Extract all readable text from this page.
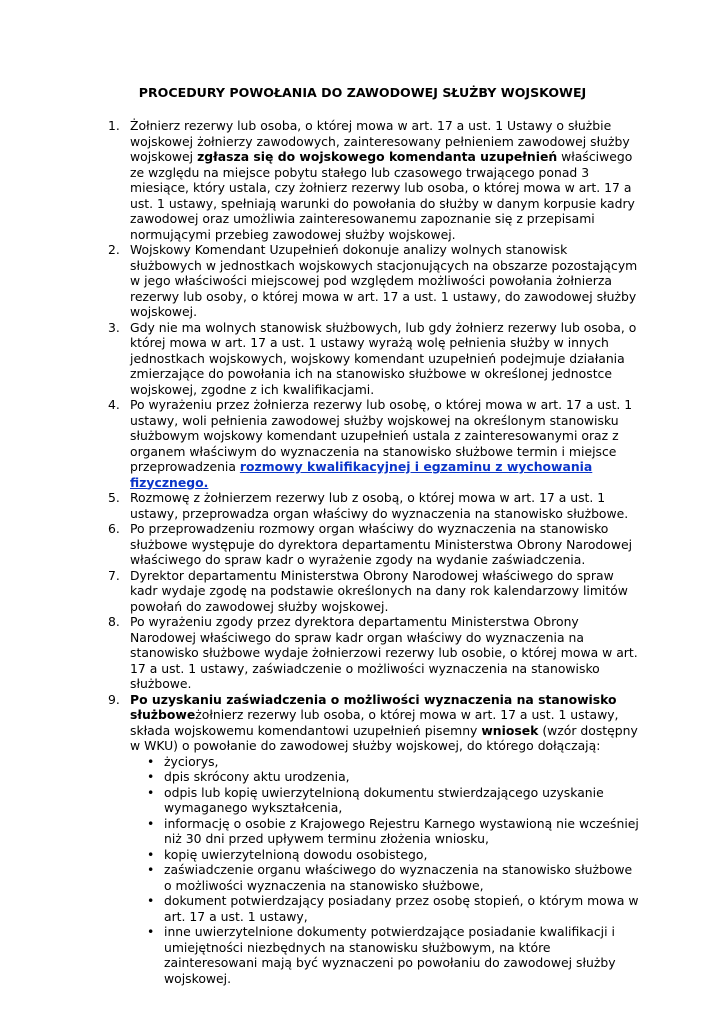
PROCEDURY POWOŁANIA DO ZAWODOWEJ SŁUŻBY WOJSKOWEJ
1. Żołnierz rezerwy lub osoba, o której mowa w art. 17 a ust. 1 Ustawy o służbie wojskowej żołnierzy zawodowych, zainteresowany pełnieniem zawodowej służby wojskowej zgłasza się do wojskowego komendanta uzupełnień właściwego ze względu na miejsce pobytu stałego lub czasowego trwającego ponad 3 miesiące, który ustala, czy żołnierz rezerwy lub osoba, o której mowa w art. 17 a ust. 1 ustawy, spełniają warunki do powołania do służby w danym korpusie kadry zawodowej oraz umożliwia zainteresowanemu zapoznanie się z przepisami normującymi przebieg zawodowej służby wojskowej.
2. Wojskowy Komendant Uzupełnień dokonuje analizy wolnych stanowisk służbowych w jednostkach wojskowych stacjonujących na obszarze pozostającym w jego właściwości miejscowej pod względem możliwości powołania żołnierza rezerwy lub osoby, o której mowa w art. 17 a ust. 1 ustawy, do zawodowej służby wojskowej.
3. Gdy nie ma wolnych stanowisk służbowych, lub gdy żołnierz rezerwy lub osoba, o której mowa w art. 17 a ust. 1 ustawy wyrażą wolę pełnienia służby w innych jednostkach wojskowych, wojskowy komendant uzupełnień podejmuje działania zmierzające do powołania ich na stanowisko służbowe w określonej jednostce wojskowej, zgodne z ich kwalifikacjami.
4. Po wyrażeniu przez żołnierza rezerwy lub osobę, o której mowa w art. 17 a ust. 1 ustawy, woli pełnienia zawodowej służby wojskowej na określonym stanowisku służbowym wojskowy komendant uzupełnień ustala z zainteresowanymi oraz z organem właściwym do wyznaczenia na stanowisko służbowe termin i miejsce przeprowadzenia rozmowy kwalifikacyjnej i egzaminu z wychowania fizycznego.
5. Rozmowę z żołnierzem rezerwy lub z osobą, o której mowa w art. 17 a ust. 1 ustawy, przeprowadza organ właściwy do wyznaczenia na stanowisko służbowe.
6. Po przeprowadzeniu rozmowy organ właściwy do wyznaczenia na stanowisko służbowe występuje do dyrektora departamentu Ministerstwa Obrony Narodowej właściwego do spraw kadr o wyrażenie zgody na wydanie zaświadczenia.
7. Dyrektor departamentu Ministerstwa Obrony Narodowej właściwego do spraw kadr wydaje zgodę na podstawie określonych na dany rok kalendarzowy limitów powołań do zawodowej służby wojskowej.
8. Po wyrażeniu zgody przez dyrektora departamentu Ministerstwa Obrony Narodowej właściwego do spraw kadr organ właściwy do wyznaczenia na stanowisko służbowe wydaje żołnierzowi rezerwy lub osobie, o której mowa w art. 17 a ust. 1 ustawy, zaświadczenie o możliwości wyznaczenia na stanowisko służbowe.
9. Po uzyskaniu zaświadczenia o możliwości wyznaczenia na stanowisko służboweżołnierz rezerwy lub osoba, o której mowa w art. 17 a ust. 1 ustawy, składa wojskowemu komendantowi uzupełnień pisemny wniosek (wzór dostępny w WKU) o powołanie do zawodowej służby wojskowej, do którego dołączają:
• życiorys,
• dpis skrócony aktu urodzenia,
• odpis lub kopię uwierzytelnioną dokumentu stwierdzającego uzyskanie wymaganego wykształcenia,
• informację o osobie z Krajowego Rejestru Karnego wystawioną nie wcześniej niż 30 dni przed upływem terminu złożenia wniosku,
• kopię uwierzytelnioną dowodu osobistego,
• zaświadczenie organu właściwego do wyznaczenia na stanowisko służbowe o możliwości wyznaczenia na stanowisko służbowe,
• dokument potwierdzający posiadany przez osobę stopień, o którym mowa w art. 17 a ust. 1 ustawy,
• inne uwierzytelnione dokumenty potwierdzające posiadanie kwalifikacji i umiejętności niezbędnych na stanowisku służbowym, na które zainteresowani mają być wyznaczeni po powołaniu do zawodowej służby wojskowej.
